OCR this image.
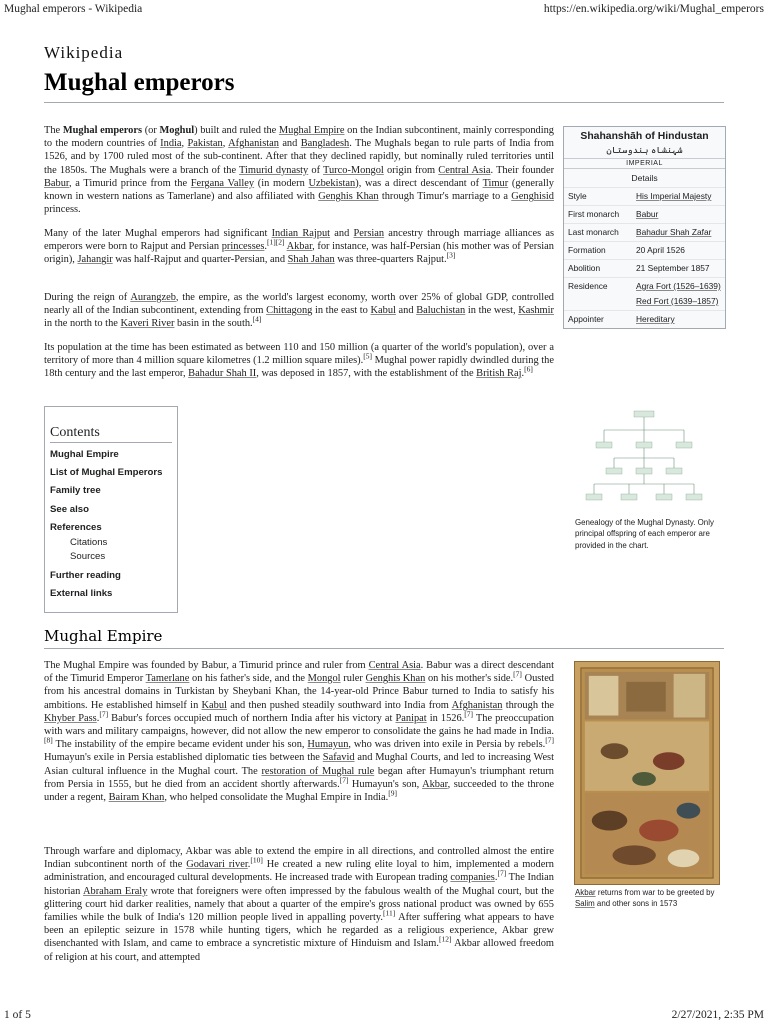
Mughal emperors - Wikipedia	https://en.wikipedia.org/wiki/Mughal_emperors
Wikipedia
Mughal emperors

The Mughal emperors (or Moghul) built and ruled the Mughal Empire on the Indian subcontinent, mainly corresponding to the modern countries of India, Pakistan, Afghanistan and Bangladesh. The Mughals began to rule parts of India from 1526, and by 1700 ruled most of the sub-continent. After that they declined rapidly, but nominally ruled territories until the 1850s. The Mughals were a branch of the Timurid dynasty of Turco-Mongol origin from Central Asia. Their founder Babur, a Timurid prince from the Fergana Valley (in modern Uzbekistan), was a direct descendant of Timur (generally known in western nations as Tamerlane) and also affiliated with Genghis Khan through Timur's marriage to a Genghisid princess.

Many of the later Mughal emperors had significant Indian Rajput and Persian ancestry through marriage alliances as emperors were born to Rajput and Persian princesses.[1][2] Akbar, for instance, was half-Persian (his mother was of Persian origin), Jahangir was half-Rajput and quarter-Persian, and Shah Jahan was three-quarters Rajput.[3]

During the reign of Aurangzeb, the empire, as the world's largest economy, worth over 25% of global GDP, controlled nearly all of the Indian subcontinent, extending from Chittagong in the east to Kabul and Baluchistan in the west, Kashmir in the north to the Kaveri River basin in the south.[4]

Its population at the time has been estimated as between 110 and 150 million (a quarter of the world's population), over a territory of more than 4 million square kilometres (1.2 million square miles).[5] Mughal power rapidly dwindled during the 18th century and the last emperor, Bahadur Shah II, was deposed in 1857, with the establishment of the British Raj.[6]

Shahanshāh of Hindustan
شہنشاہ ہندوستان
IMPERIAL
Details
Style	His Imperial Majesty
First monarch	Babur
Last monarch	Bahadur Shah Zafar
Formation	20 April 1526
Abolition	21 September 1857
Residence	Agra Fort (1526–1639)
Red Fort (1639–1857)
Appointer	Hereditary
Contents
Mughal Empire
List of Mughal Emperors
Family tree
See also
References
Citations
Sources
Further reading
External links
Genealogy of the Mughal Dynasty. Only principal offspring of each emperor are provided in the chart.
Mughal Empire

The Mughal Empire was founded by Babur, a Timurid prince and ruler from Central Asia. Babur was a direct descendant of the Timurid Emperor Tamerlane on his father's side, and the Mongol ruler Genghis Khan on his mother's side.[7] Ousted from his ancestral domains in Turkistan by Sheybani Khan, the 14-year-old Prince Babur turned to India to satisfy his ambitions. He established himself in Kabul and then pushed steadily southward into India from Afghanistan through the Khyber Pass.[7] Babur's forces occupied much of northern India after his victory at Panipat in 1526.[7] The preoccupation with wars and military campaigns, however, did not allow the new emperor to consolidate the gains he had made in India.[8] The instability of the empire became evident under his son, Humayun, who was driven into exile in Persia by rebels.[7] Humayun's exile in Persia established diplomatic ties between the Safavid and Mughal Courts, and led to increasing West Asian cultural influence in the Mughal court. The restoration of Mughal rule began after Humayun's triumphant return from Persia in 1555, but he died from an accident shortly afterwards.[7] Humayun's son, Akbar, succeeded to the throne under a regent, Bairam Khan, who helped consolidate the Mughal Empire in India.[9]

Through warfare and diplomacy, Akbar was able to extend the empire in all directions, and controlled almost the entire Indian subcontinent north of the Godavari river.[10] He created a new ruling elite loyal to him, implemented a modern administration, and encouraged cultural developments. He increased trade with European trading companies.[7] The Indian historian Abraham Eraly wrote that foreigners were often impressed by the fabulous wealth of the Mughal court, but the glittering court hid darker realities, namely that about a quarter of the empire's gross national product was owned by 655 families while the bulk of India's 120 million people lived in appalling poverty.[11] After suffering what appears to have been an epileptic seizure in 1578 while hunting tigers, which he regarded as a religious experience, Akbar grew disenchanted with Islam, and came to embrace a syncretistic mixture of Hinduism and Islam.[12] Akbar allowed freedom of religion at his court, and attempted

Akbar returns from war to be greeted by Salim and other sons in 1573
1 of 5	2/27/2021, 2:35 PM
